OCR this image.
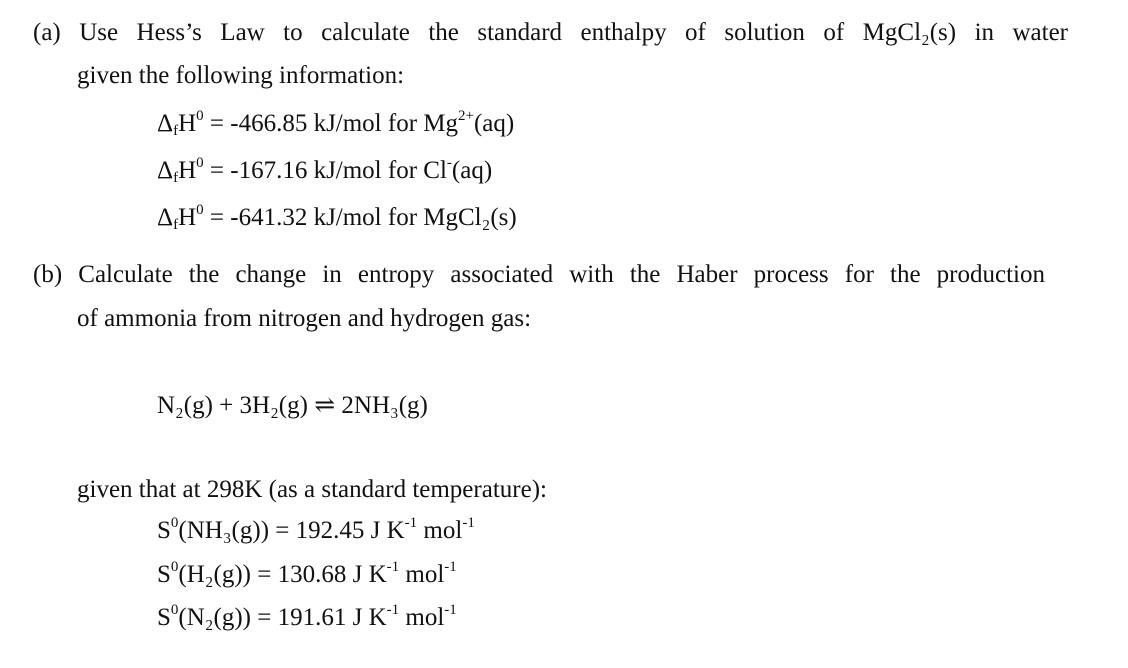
(a) Use Hess’s Law to calculate the standard enthalpy of solution of MgCl₂(s) in water
given the following information:
$\Delta_fH^0 = -466.85$ kJ/mol for $Mg^{2+}(aq)$
$\Delta_fH^0 = -167.16$ kJ/mol for Cl-(aq)
$\Delta_fH^0 = -641.32$ kJ/mol for MgCl₂(s)
(b) Calculate the change in entropy associated with the Haber process for the production
of ammonia from nitrogen and hydrogen gas:
N₂(g) + 3H₂(g) ⇌ 2NH₃(g)
given that at 298K (as a standard temperature):
$S^0(NH_3(g)) = 192.45$ J $K^{-1}$ mol$^{-1}$
$S^0(H_2(g)) = 130.68$ J $K^{-1}$ mol$^{-1}$
$S^0(N_2(g)) = 191.61$ J $K^{-1}$ mol$^{-1}$
